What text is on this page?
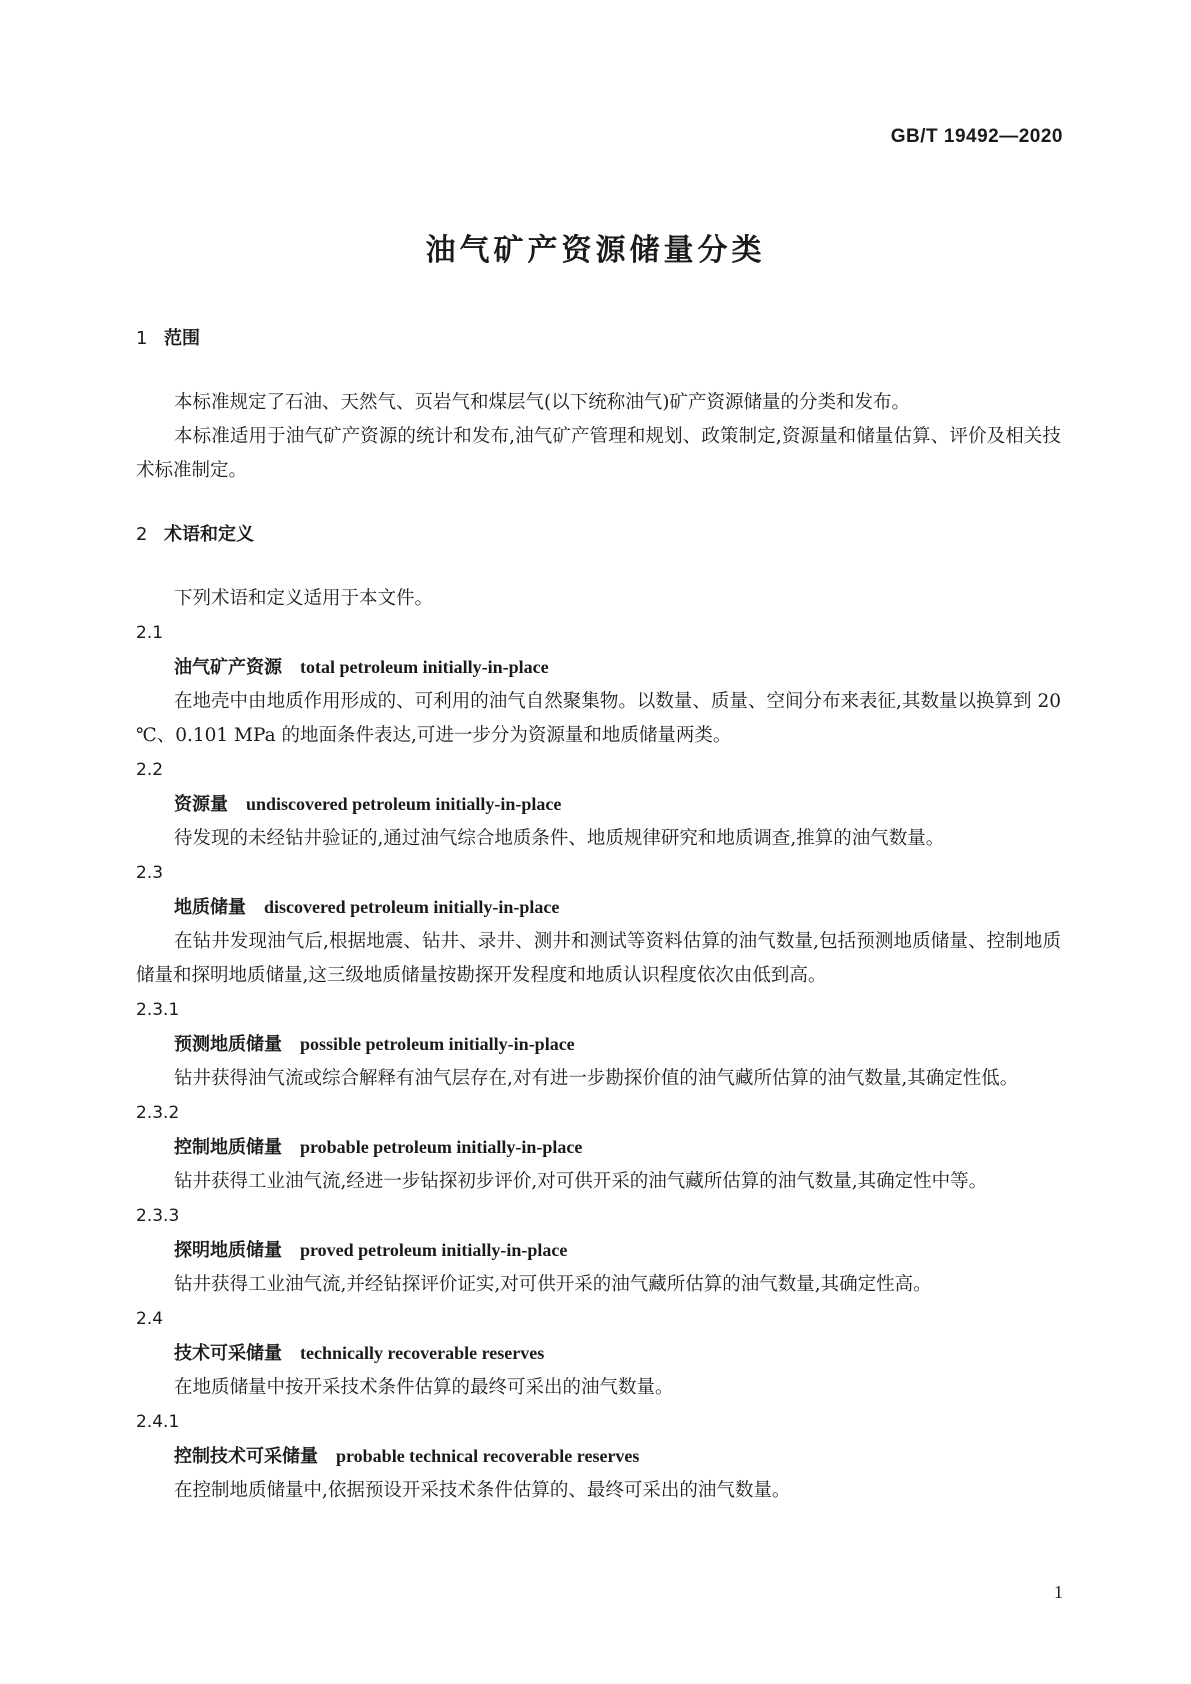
GB/T 19492—2020
油气矿产资源储量分类
1 范围

本标准规定了石油、天然气、页岩气和煤层气(以下统称油气)矿产资源储量的分类和发布。

本标准适用于油气矿产资源的统计和发布,油气矿产管理和规划、政策制定,资源量和储量估算、评价及相关技术标准制定。

2 术语和定义

下列术语和定义适用于本文件。

2.1

油气矿产资源 total petroleum initially-in-place

在地壳中由地质作用形成的、可利用的油气自然聚集物。以数量、质量、空间分布来表征,其数量以换算到 20 ℃、0.101 MPa 的地面条件表达,可进一步分为资源量和地质储量两类。

2.2

资源量 undiscovered petroleum initially-in-place

待发现的未经钻井验证的,通过油气综合地质条件、地质规律研究和地质调查,推算的油气数量。

2.3

地质储量 discovered petroleum initially-in-place

在钻井发现油气后,根据地震、钻井、录井、测井和测试等资料估算的油气数量,包括预测地质储量、控制地质储量和探明地质储量,这三级地质储量按勘探开发程度和地质认识程度依次由低到高。

2.3.1

预测地质储量 possible petroleum initially-in-place

钻井获得油气流或综合解释有油气层存在,对有进一步勘探价值的油气藏所估算的油气数量,其确定性低。

2.3.2

控制地质储量 probable petroleum initially-in-place

钻井获得工业油气流,经进一步钻探初步评价,对可供开采的油气藏所估算的油气数量,其确定性中等。

2.3.3

探明地质储量 proved petroleum initially-in-place

钻井获得工业油气流,并经钻探评价证实,对可供开采的油气藏所估算的油气数量,其确定性高。

2.4

技术可采储量 technically recoverable reserves

在地质储量中按开采技术条件估算的最终可采出的油气数量。

2.4.1

控制技术可采储量 probable technical recoverable reserves

在控制地质储量中,依据预设开采技术条件估算的、最终可采出的油气数量。

1
